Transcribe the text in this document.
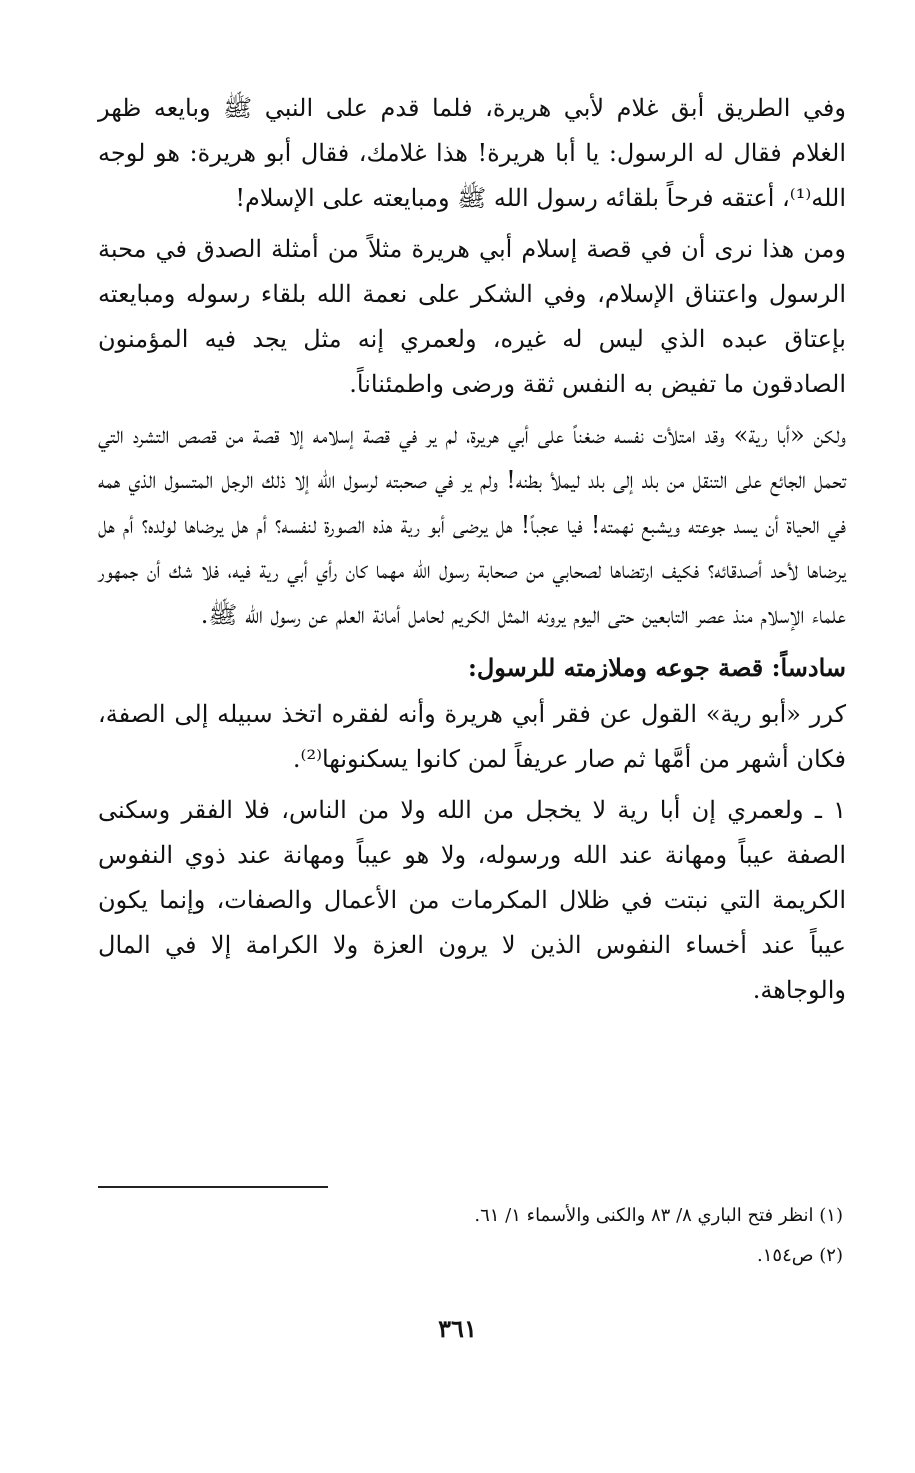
وفي الطريق أبق غلام لأبي هريرة، فلما قدم على النبي ﷺ وبايعه ظهر الغلام فقال له الرسول: يا أبا هريرة! هذا غلامك، فقال أبو هريرة: هو لوجه الله⁽¹⁾، أعتقه فرحاً بلقائه رسول الله ﷺ ومبايعته على الإسلام!

ومن هذا نرى أن في قصة إسلام أبي هريرة مثلاً من أمثلة الصدق في محبة الرسول واعتناق الإسلام، وفي الشكر على نعمة الله بلقاء رسوله ومبايعته بإعتاق عبده الذي ليس له غيره، ولعمري إنه مثل يجد فيه المؤمنون الصادقون ما تفيض به النفس ثقة ورضى واطمئناناً.

ولكن «أبا رية» وقد امتلأت نفسه ضغناً على أبي هريرة، لم ير في قصة إسلامه إلا قصة من قصص التشرد التي تحمل الجائع على التنقل من بلد إلى بلد ليملأ بطنه! ولم ير في صحبته لرسول الله إلا ذلك الرجل المتسول الذي همه في الحياة أن يسد جوعته ويشبع نهمته! فيا عجباً! هل يرضى أبو رية هذه الصورة لنفسه؟ أم هل يرضاها لولده؟ أم هل يرضاها لأحد أصدقائه؟ فكيف ارتضاها لصحابي من صحابة رسول الله مهما كان رأي أبي رية فيه، فلا شك أن جمهور علماء الإسلام منذ عصر التابعين حتى اليوم يرونه المثل الكريم لحامل أمانة العلم عن رسول الله ﷺ.

سادساً: قصة جوعه وملازمته للرسول:

كرر «أبو رية» القول عن فقر أبي هريرة وأنه لفقره اتخذ سبيله إلى الصفة، فكان أشهر من أمَّها ثم صار عريفاً لمن كانوا يسكنونها⁽²⁾.

١ ـ ولعمري إن أبا رية لا يخجل من الله ولا من الناس، فلا الفقر وسكنى الصفة عيباً ومهانة عند الله ورسوله، ولا هو عيباً ومهانة عند ذوي النفوس الكريمة التي نبتت في ظلال المكرمات من الأعمال والصفات، وإنما يكون عيباً عند أخساء النفوس الذين لا يرون العزة ولا الكرامة إلا في المال والوجاهة.

(١) انظر فتح الباري ٨/ ٨٣ والكنى والأسماء ١/ ٦١.

(٢) ص١٥٤.

٣٦١
